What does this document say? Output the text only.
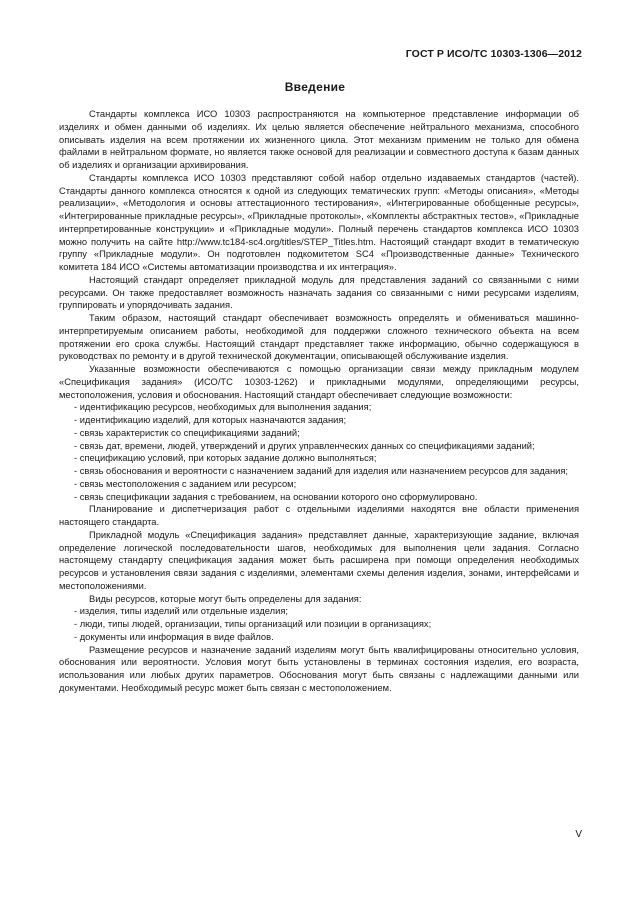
ГОСТ Р ИСО/ТС 10303-1306—2012
Введение

Стандарты комплекса ИСО 10303 распространяются на компьютерное представление информации об изделиях и обмен данными об изделиях. Их целью является обеспечение нейтрального механизма, способного описывать изделия на всем протяжении их жизненного цикла. Этот механизм применим не только для обмена файлами в нейтральном формате, но является также основой для реализации и совместного доступа к базам данных об изделиях и организации архивирования.

Стандарты комплекса ИСО 10303 представляют собой набор отдельно издаваемых стандартов (частей). Стандарты данного комплекса относятся к одной из следующих тематических групп: «Методы описания», «Методы реализации», «Методология и основы аттестационного тестирования», «Интегрированные обобщенные ресурсы», «Интегрированные прикладные ресурсы», «Прикладные протоколы», «Комплекты абстрактных тестов», «Прикладные интерпретированные конструкции» и «Прикладные модули». Полный перечень стандартов комплекса ИСО 10303 можно получить на сайте http://www.tc184-sc4.org/titles/STEP_Titles.htm. Настоящий стандарт входит в тематическую группу «Прикладные модули». Он подготовлен подкомитетом SC4 «Производственные данные» Технического комитета 184 ИСО «Системы автоматизации производства и их интеграция».

Настоящий стандарт определяет прикладной модуль для представления заданий со связанными с ними ресурсами. Он также предоставляет возможность назначать задания со связанными с ними ресурсами изделиям, группировать и упорядочивать задания.

Таким образом, настоящий стандарт обеспечивает возможность определять и обмениваться машинно-интерпретируемым описанием работы, необходимой для поддержки сложного технического объекта на всем протяжении его срока службы. Настоящий стандарт представляет также информацию, обычно содержащуюся в руководствах по ремонту и в другой технической документации, описывающей обслуживание изделия.

Указанные возможности обеспечиваются с помощью организации связи между прикладным модулем «Спецификация задания» (ИСО/ТС 10303-1262) и прикладными модулями, определяющими ресурсы, местоположения, условия и обоснования. Настоящий стандарт обеспечивает следующие возможности:

- идентификацию ресурсов, необходимых для выполнения задания;

- идентификацию изделий, для которых назначаются задания;

- связь характеристик со спецификациями заданий;

- связь дат, времени, людей, утверждений и других управленческих данных со спецификациями заданий;

- спецификацию условий, при которых задание должно выполняться;

- связь обоснования и вероятности с назначением заданий для изделия или назначением ресурсов для задания;

- связь местоположения с заданием или ресурсом;

- связь спецификации задания с требованием, на основании которого оно сформулировано.

Планирование и диспетчеризация работ с отдельными изделиями находятся вне области применения настоящего стандарта.

Прикладной модуль «Спецификация задания» представляет данные, характеризующие задание, включая определение логической последовательности шагов, необходимых для выполнения цели задания. Согласно настоящему стандарту спецификация задания может быть расширена при помощи определения необходимых ресурсов и установления связи задания с изделиями, элементами схемы деления изделия, зонами, интерфейсами и местоположениями.

Виды ресурсов, которые могут быть определены для задания:

- изделия, типы изделий или отдельные изделия;

- люди, типы людей, организации, типы организаций или позиции в организациях;

- документы или информация в виде файлов.

Размещение ресурсов и назначение заданий изделиям могут быть квалифицированы относительно условия, обоснования или вероятности. Условия могут быть установлены в терминах состояния изделия, его возраста, использования или любых других параметров. Обоснования могут быть связаны с надлежащими данными или документами. Необходимый ресурс может быть связан с местоположением.

V
